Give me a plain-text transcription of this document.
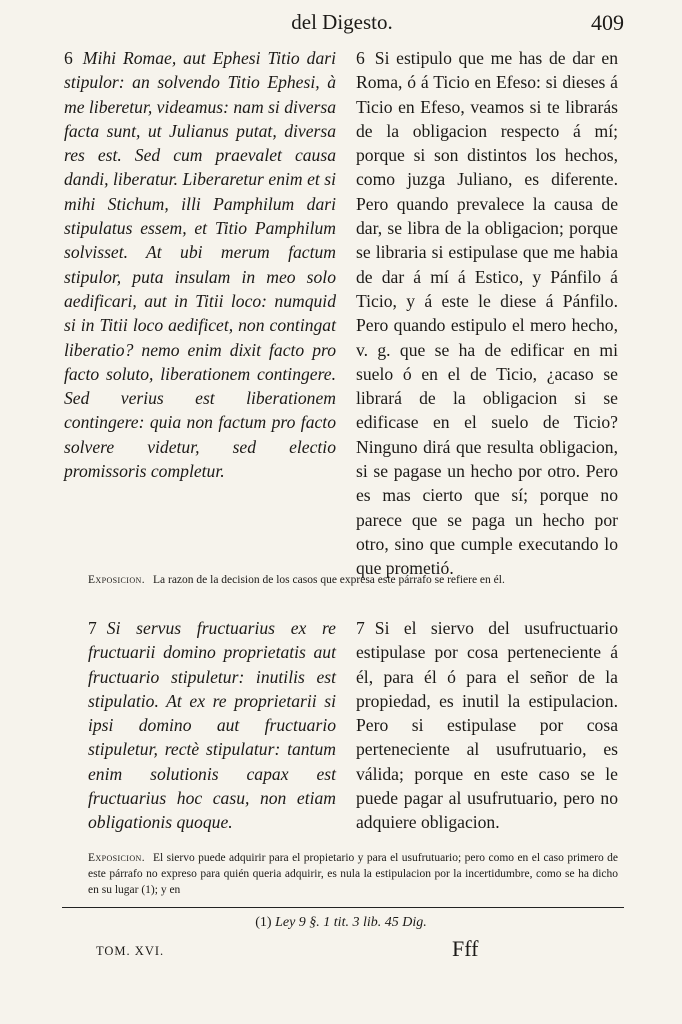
del Digesto.	409

6 Mihi Romae, aut Ephesi Titio dari stipulor: an solvendo Titio Ephesi, à me liberetur, videamus: nam si diversa facta sunt, ut Julianus putat, diversa res est. Sed cum praevalet causa dandi, liberatur. Liberaretur enim et si mihi Stichum, illi Pamphilum dari stipulatus essem, et Titio Pamphilum solvisset. At ubi merum factum stipulor, puta insulam in meo solo aedificari, aut in Titii loco: numquid si in Titii loco aedificet, non contingat liberatio? nemo enim dixit facto pro facto soluto, liberationem contingere. Sed verius est liberationem contingere: quia non factum pro facto solvere videtur, sed electio promissoris completur.

6 Si estipulo que me has de dar en Roma, ó á Ticio en Efeso: si dieses á Ticio en Efeso, veamos si te librarás de la obligacion respecto á mí; porque si son distintos los hechos, como juzga Juliano, es diferente. Pero quando prevalece la causa de dar, se libra de la obligacion; porque se libraria si estipulase que me habia de dar á mí á Estico, y Pánfilo á Ticio, y á este le diese á Pánfilo. Pero quando estipulo el mero hecho, v. g. que se ha de edificar en mi suelo ó en el de Ticio, ¿acaso se librará de la obligacion si se edificase en el suelo de Ticio? Ninguno dirá que resulta obligacion, si se pagase un hecho por otro. Pero es mas cierto que sí; porque no parece que se paga un hecho por otro, sino que cumple executando lo que prometió.

Exposicion. La razon de la decision de los casos que expresa este párrafo se refiere en él.

7 Si servus fructuarius ex re fructuarii domino proprietatis aut fructuario stipuletur: inutilis est stipulatio. At ex re proprietarii si ipsi domino aut fructuario stipuletur, rectè stipulatur: tantum enim solutionis capax est fructuarius hoc casu, non etiam obligationis quoque.

7 Si el siervo del usufructuario estipulase por cosa perteneciente á él, para él ó para el señor de la propiedad, es inutil la estipulacion. Pero si estipulase por cosa perteneciente al usufrutuario, es válida; porque en este caso se le puede pagar al usufrutuario, pero no adquiere obligacion.

Exposicion. El siervo puede adquirir para el propietario y para el usufrutuario; pero como en el caso primero de este párrafo no expreso para quién queria adquirir, es nula la estipulacion por la incertidumbre, como se ha dicho en su lugar (1); y en
(1) Ley 9 §. 1 tit. 3 lib. 45 Dig.
TOM. XVI.	Fff
